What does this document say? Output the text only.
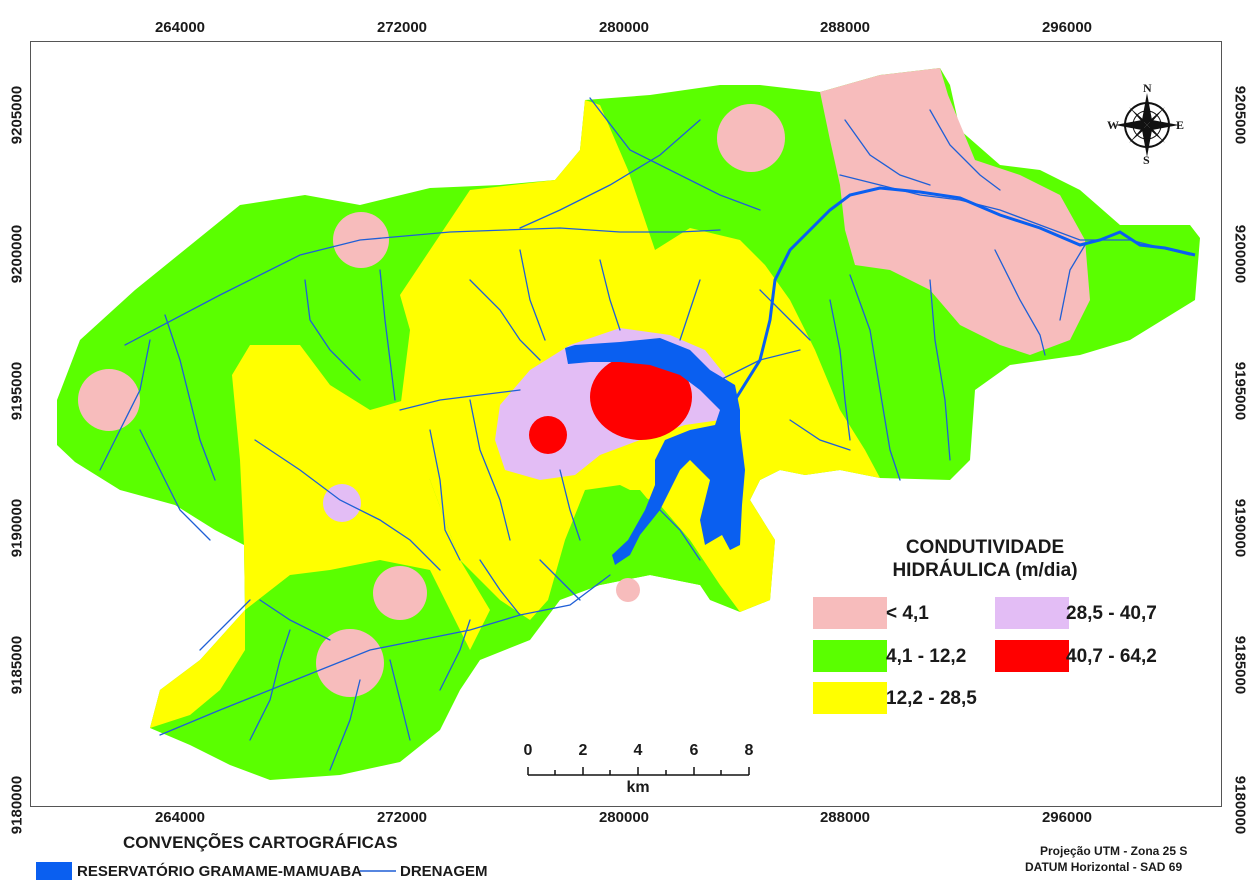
264000	272000	280000	288000	296000
264000	272000	280000	288000	296000
9205000
9200000
9195000
9190000
9185000
9180000
9205000
9200000
9195000
9190000
9185000
9180000
N
S
E
W
0	2	4	6	8
km
CONDUTIVIDADE
HIDRÁULICA (m/dia)
< 4,1
4,1 - 12,2
12,2 - 28,5
28,5 - 40,7
40,7 - 64,2
CONVENÇÕES CARTOGRÁFICAS
RESERVATÓRIO GRAMAME-MAMUABA	DRENAGEM
Projeção UTM - Zona 25 S
DATUM Horizontal - SAD 69
